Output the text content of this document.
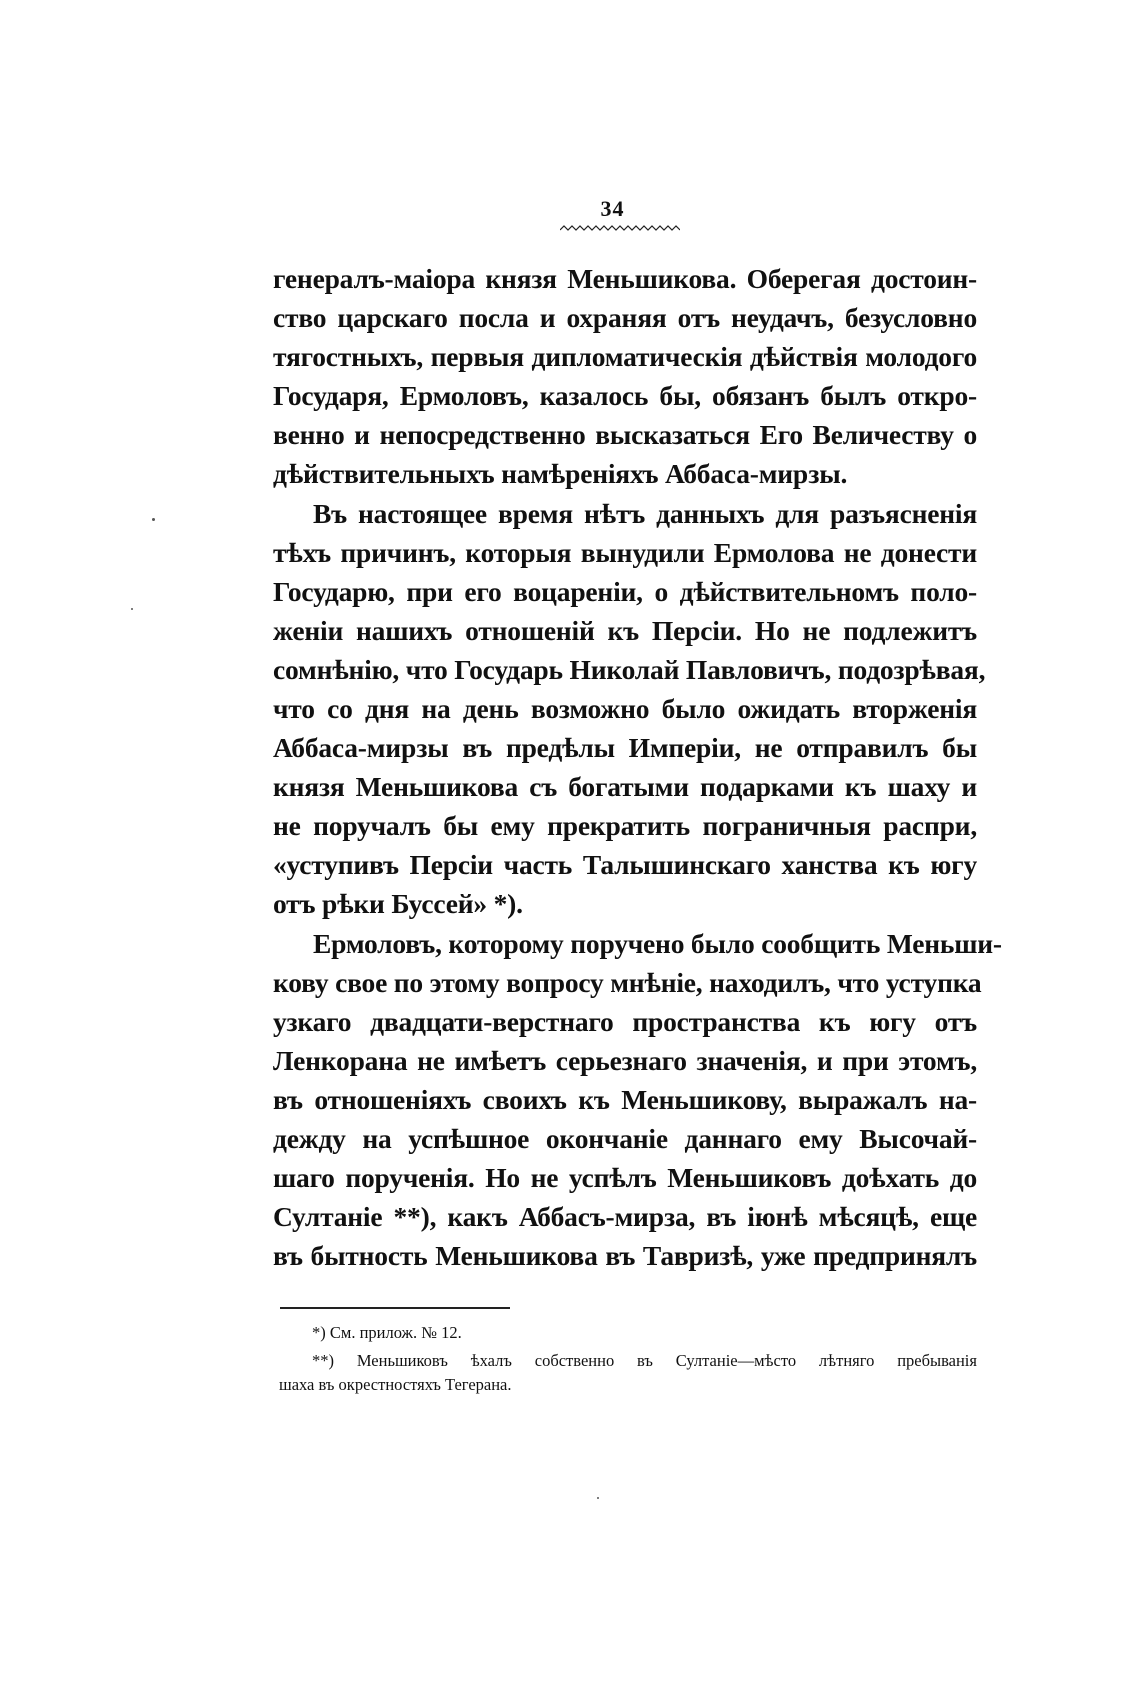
34
генералъ-маіора князя Меньшикова. Оберегая достоин-
ство царскаго посла и охраняя отъ неудачъ, безусловно
тягостныхъ, первыя дипломатическія дѣйствія молодого
Государя, Ермоловъ, казалось бы, обязанъ былъ откро-
венно и непосредственно высказаться Его Величеству о
дѣйствительныхъ намѣреніяхъ Аббаса-мирзы.
Въ настоящее время нѣтъ данныхъ для разъясненія
тѣхъ причинъ, которыя вынудили Ермолова не донести
Государю, при его воцареніи, о дѣйствительномъ поло-
женіи нашихъ отношеній къ Персіи. Но не подлежитъ
сомнѣнію, что Государь Николай Павловичъ, подозрѣвая,
что со дня на день возможно было ожидать вторженія
Аббаса-мирзы въ предѣлы Имперіи, не отправилъ бы
князя Меньшикова съ богатыми подарками къ шаху и
не поручалъ бы ему прекратить пограничныя распри,
«уступивъ Персіи часть Талышинскаго ханства къ югу
отъ рѣки Буссей» *).
Ермоловъ, которому поручено было сообщить Меньши-
кову свое по этому вопросу мнѣніе, находилъ, что уступка
узкаго двадцати-верстнаго пространства къ югу отъ
Ленкорана не имѣетъ серьезнаго значенія, и при этомъ,
въ отношеніяхъ своихъ къ Меньшикову, выражалъ на-
дежду на успѣшное окончаніе даннаго ему Высочай-
шаго порученія. Но не успѣлъ Меньшиковъ доѣхать до
Султаніе **), какъ Аббасъ-мирза, въ іюнѣ мѣсяцѣ, еще
въ бытность Меньшикова въ Тавризѣ, уже предпринялъ
*) См. прилож. № 12.
**) Меньшиковъ ѣхалъ собственно въ Султаніе—мѣсто лѣтняго пребыванія
шаха въ окрестностяхъ Тегерана.
